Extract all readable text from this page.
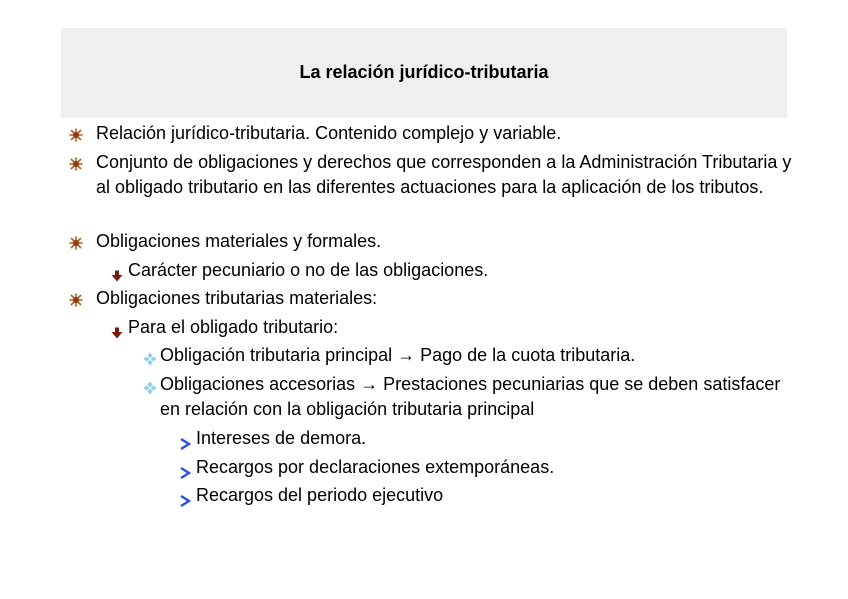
La relación jurídico-tributaria
Relación jurídico-tributaria. Contenido complejo y variable.
Conjunto de obligaciones y derechos que corresponden a la Administración Tributaria y al obligado tributario en las diferentes actuaciones para la aplicación de los tributos.
Obligaciones materiales y formales.
Carácter pecuniario o no de las obligaciones.
Obligaciones tributarias materiales:
Para el obligado tributario:
Obligación tributaria principal → Pago de la cuota tributaria.
Obligaciones accesorias → Prestaciones pecuniarias que se deben satisfacer en relación con la obligación tributaria principal
Intereses de demora.
Recargos por declaraciones extemporáneas.
Recargos del periodo ejecutivo
